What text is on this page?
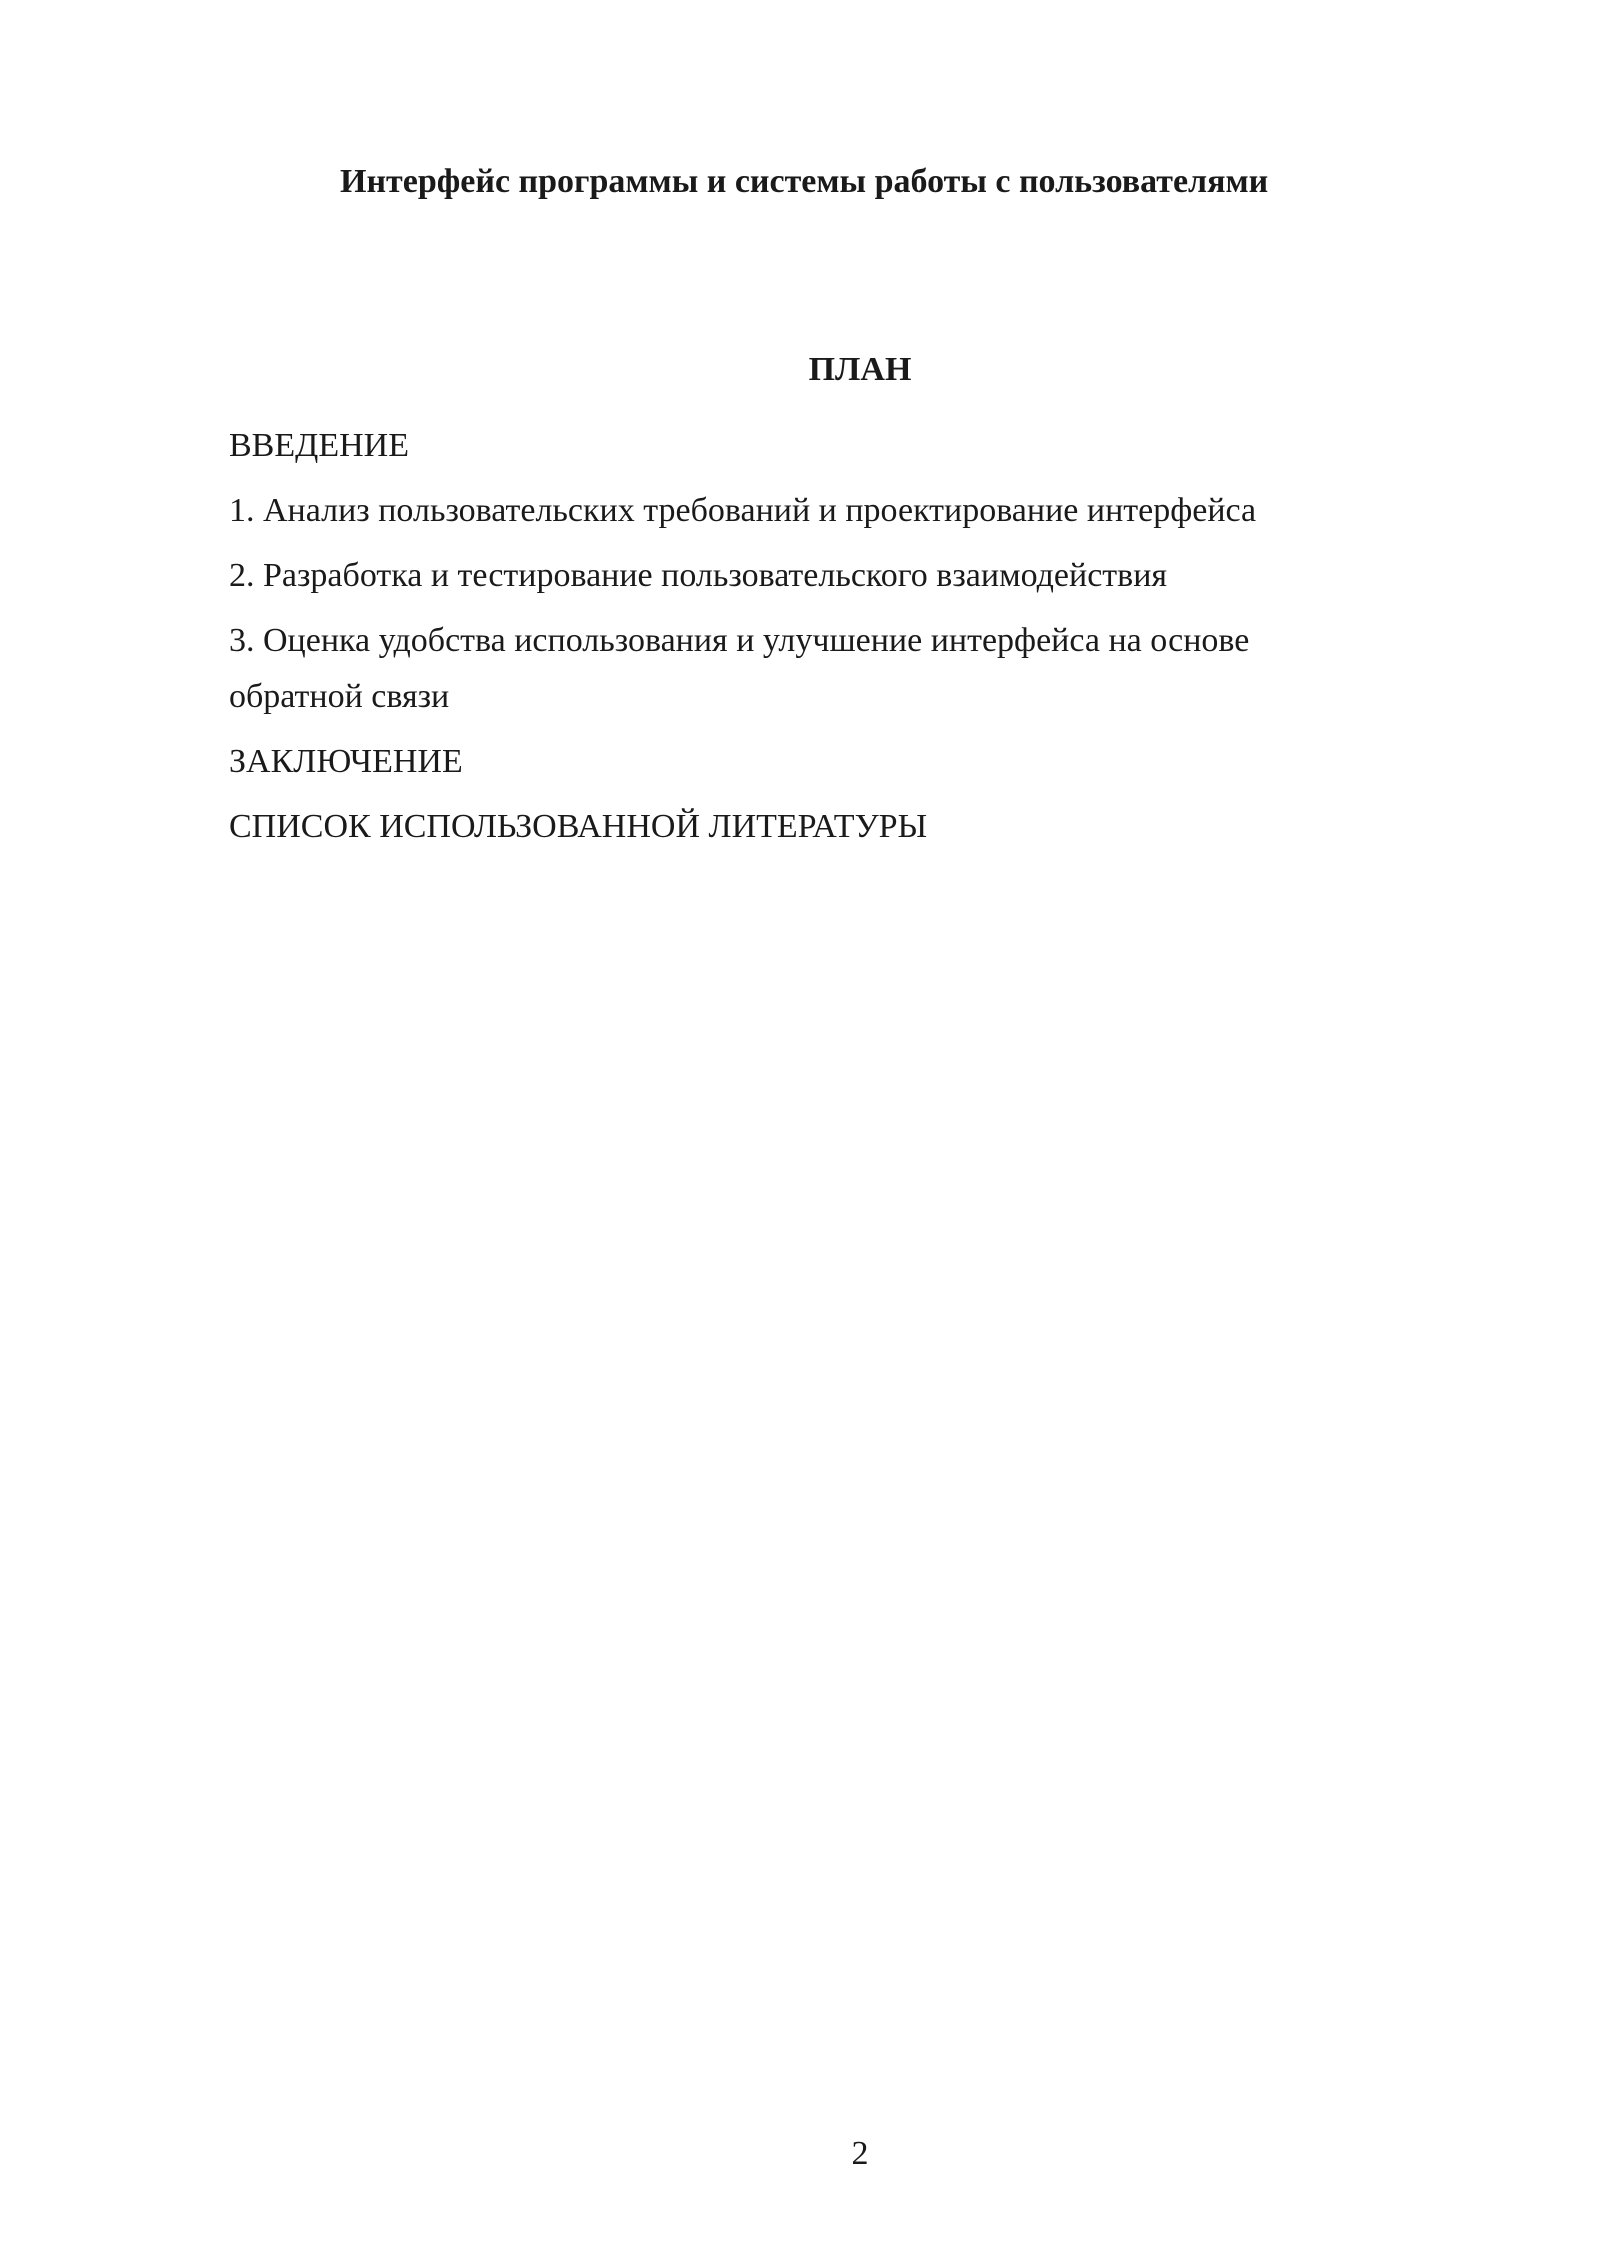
Интерфейс программы и системы работы с пользователями
ПЛАН
ВВЕДЕНИЕ
1. Анализ пользовательских требований и проектирование интерфейса
2. Разработка и тестирование пользовательского взаимодействия
3. Оценка удобства использования и улучшение интерфейса на основе обратной связи
ЗАКЛЮЧЕНИЕ
СПИСОК ИСПОЛЬЗОВАННОЙ ЛИТЕРАТУРЫ
2
